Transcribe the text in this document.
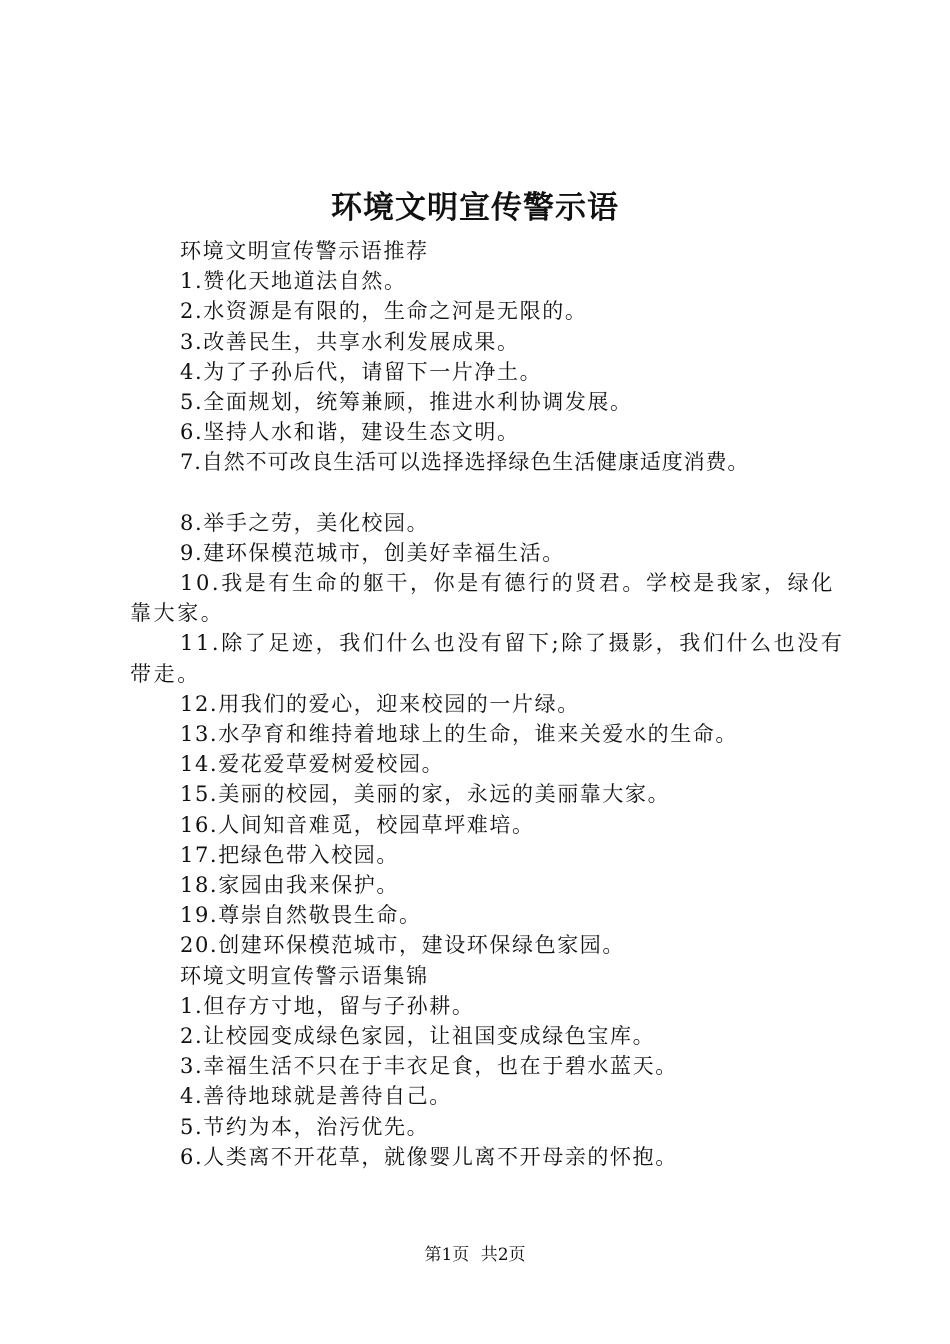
环境文明宣传警示语

环境文明宣传警示语推荐

1.赞化天地道法自然。

2.水资源是有限的，生命之河是无限的。

3.改善民生，共享水利发展成果。

4.为了子孙后代，请留下一片净土。

5.全面规划，统筹兼顾，推进水利协调发展。

6.坚持人水和谐，建设生态文明。

7.自然不可改良生活可以选择选择绿色生活健康适度消费。

8.举手之劳，美化校园。

9.建环保模范城市，创美好幸福生活。

10.我是有生命的躯干，你是有德行的贤君。学校是我家，绿化靠大家。

11.除了足迹，我们什么也没有留下;除了摄影，我们什么也没有带走。

12.用我们的爱心，迎来校园的一片绿。

13.水孕育和维持着地球上的生命，谁来关爱水的生命。

14.爱花爱草爱树爱校园。

15.美丽的校园，美丽的家，永远的美丽靠大家。

16.人间知音难觅，校园草坪难培。

17.把绿色带入校园。

18.家园由我来保护。

19.尊崇自然敬畏生命。

20.创建环保模范城市，建设环保绿色家园。

环境文明宣传警示语集锦

1.但存方寸地，留与子孙耕。

2.让校园变成绿色家园，让祖国变成绿色宝库。

3.幸福生活不只在于丰衣足食，也在于碧水蓝天。

4.善待地球就是善待自己。

5.节约为本，治污优先。

6.人类离不开花草，就像婴儿离不开母亲的怀抱。

第1页 共2页
